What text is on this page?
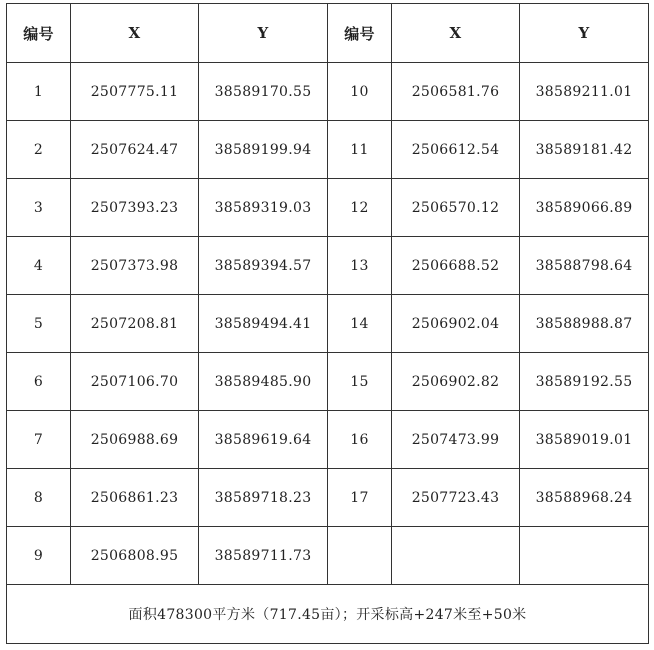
编号	X	Y	编号	X	Y
1	2507775.11	38589170.55	10	2506581.76	38589211.01
2	2507624.47	38589199.94	11	2506612.54	38589181.42
3	2507393.23	38589319.03	12	2506570.12	38589066.89
4	2507373.98	38589394.57	13	2506688.52	38588798.64
5	2507208.81	38589494.41	14	2506902.04	38588988.87
6	2507106.70	38589485.90	15	2506902.82	38589192.55
7	2506988.69	38589619.64	16	2507473.99	38589019.01
8	2506861.23	38589718.23	17	2507723.43	38588968.24
9	2506808.95	38589711.73			
面积478300平方米（717.45亩）；开采标高+247米至+50米					
